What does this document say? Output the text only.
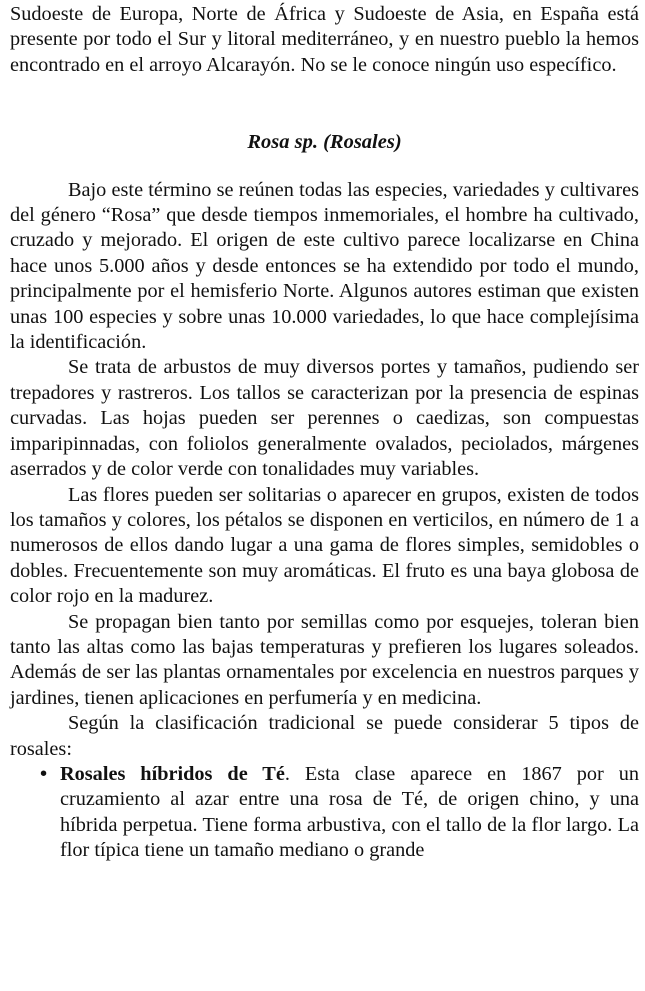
Sudoeste de Europa, Norte de África y Sudoeste de Asia, en España está presente por todo el Sur y litoral mediterráneo, y en nuestro pueblo la hemos encontrado en el arroyo Alcarayón. No se le conoce ningún uso específico.

Rosa sp. (Rosales)

Bajo este término se reúnen todas las especies, variedades y cultivares del género “Rosa” que desde tiempos inmemoriales, el hombre ha cultivado, cruzado y mejorado. El origen de este cultivo parece localizarse en China hace unos 5.000 años y desde entonces se ha extendido por todo el mundo, principalmente por el hemisferio Norte. Algunos autores estiman que existen unas 100 especies y sobre unas 10.000 variedades, lo que hace complejísima la identificación.

Se trata de arbustos de muy diversos portes y tamaños, pudiendo ser trepadores y rastreros. Los tallos se caracterizan por la presencia de espinas curvadas. Las hojas pueden ser perennes o caedizas, son compuestas imparipinnadas, con foliolos generalmente ovalados, peciolados, márgenes aserrados y de color verde con tonalidades muy variables.

Las flores pueden ser solitarias o aparecer en grupos, existen de todos los tamaños y colores, los pétalos se disponen en verticilos, en número de 1 a numerosos de ellos dando lugar a una gama de flores simples, semidobles o dobles. Frecuentemente son muy aromáticas. El fruto es una baya globosa de color rojo en la madurez.

Se propagan bien tanto por semillas como por esquejes, toleran bien tanto las altas como las bajas temperaturas y prefieren los lugares soleados. Además de ser las plantas ornamentales por excelencia en nuestros parques y jardines, tienen aplicaciones en perfumería y en medicina.

Según la clasificación tradicional se puede considerar 5 tipos de rosales:

• Rosales híbridos de Té. Esta clase aparece en 1867 por un cruzamiento al azar entre una rosa de Té, de origen chino, y una híbrida perpetua. Tiene forma arbustiva, con el tallo de la flor largo. La flor típica tiene un tamaño mediano o grande
